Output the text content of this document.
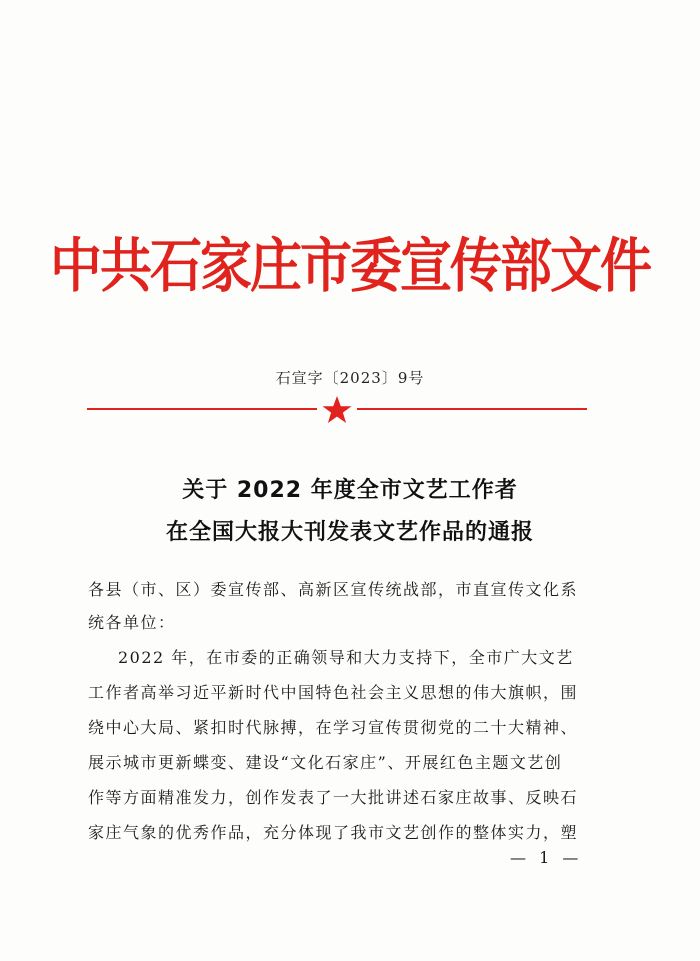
中共石家庄市委宣传部文件
石宣字〔2023〕9号
关于 2022 年度全市文艺工作者
在全国大报大刊发表文艺作品的通报
各县（市、区）委宣传部、高新区宣传统战部，市直宣传文化系
统各单位：
2022 年，在市委的正确领导和大力支持下，全市广大文艺
工作者高举习近平新时代中国特色社会主义思想的伟大旗帜，围
绕中心大局、紧扣时代脉搏，在学习宣传贯彻党的二十大精神、
展示城市更新蝶变、建设“文化石家庄”、开展红色主题文艺创
作等方面精准发力，创作发表了一大批讲述石家庄故事、反映石
家庄气象的优秀作品，充分体现了我市文艺创作的整体实力，塑
— 1 —
